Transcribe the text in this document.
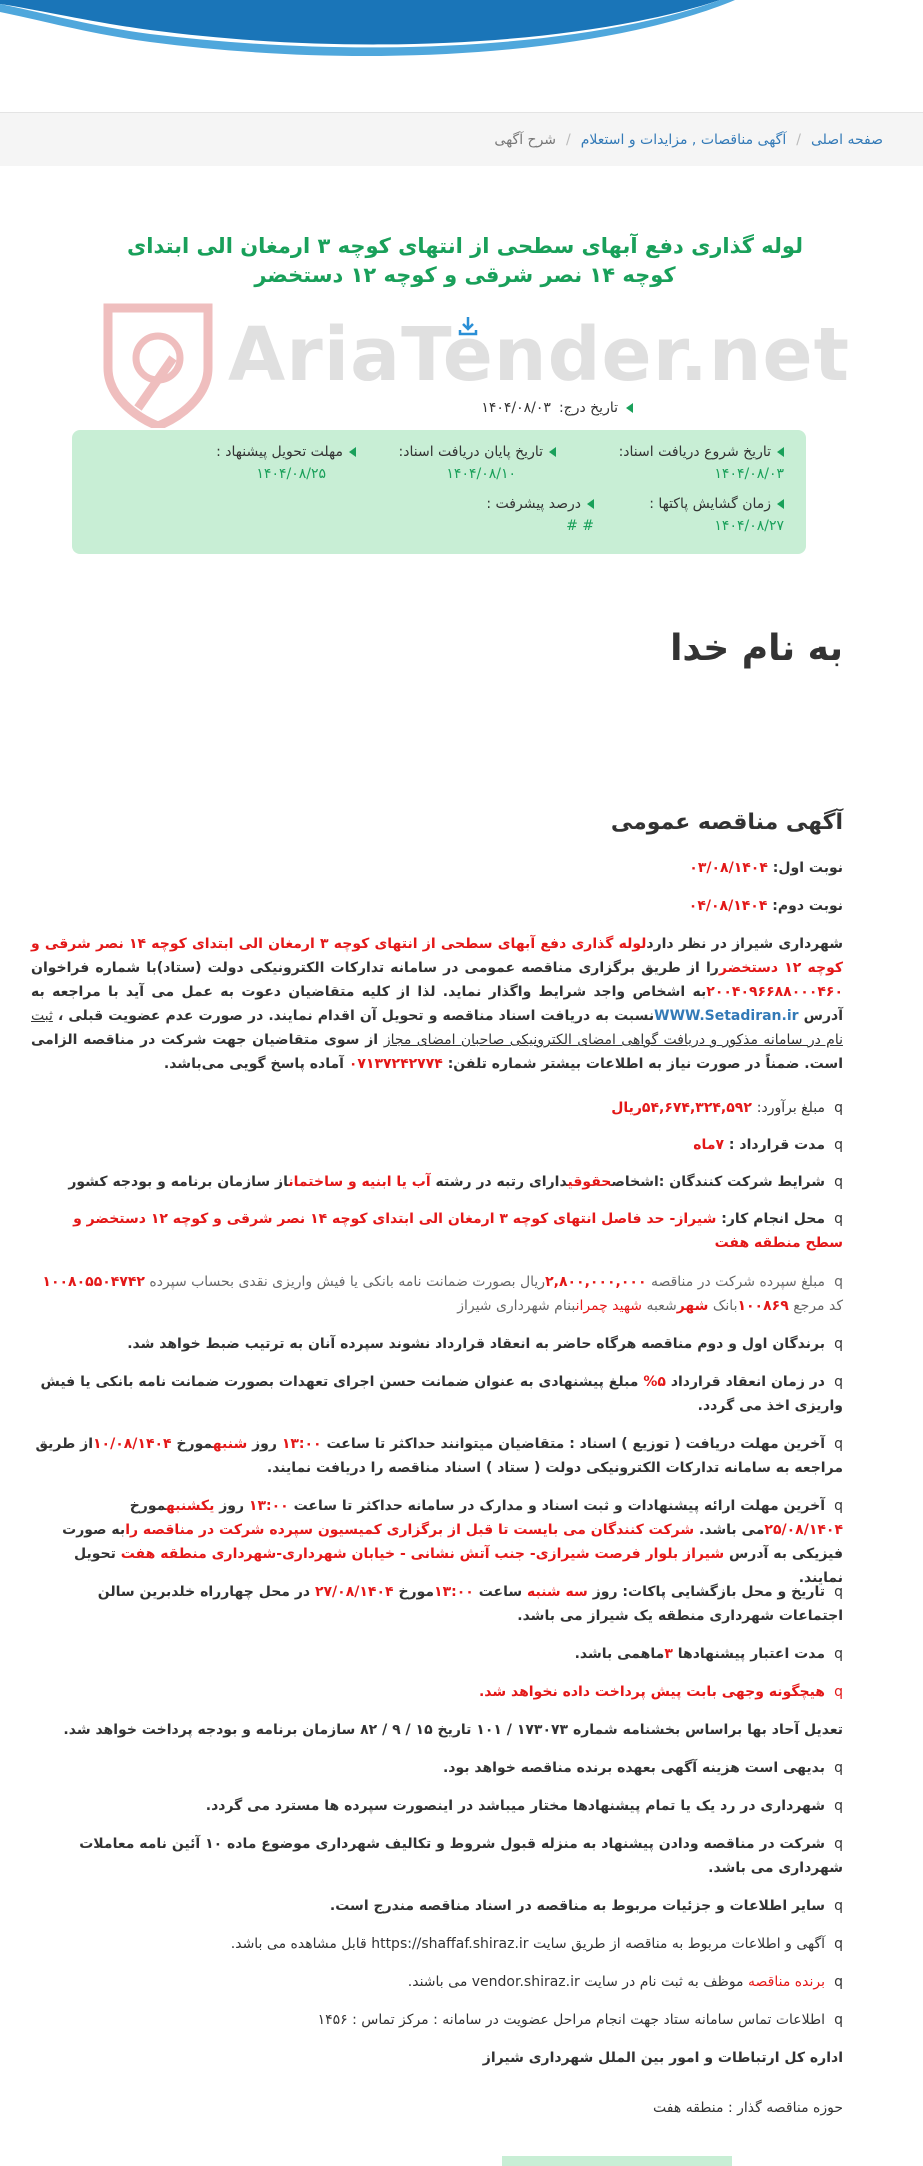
صفحه اصلی
/
آگهی مناقصات , مزایدات و استعلام
/
شرح آگهی
لوله گذاری دفع آبهای سطحی از انتهای کوچه ۳ ارمغان الی ابتدای کوچه ۱۴ نصر شرقی و کوچه ۱۲ دستخضر
AriaTender.net
تاریخ درج:
۱۴۰۴/۰۸/۰۳
تاریخ شروع دریافت اسناد:
۱۴۰۴/۰۸/۰۳
تاریخ پایان دریافت اسناد:
۱۴۰۴/۰۸/۱۰
مهلت تحویل پیشنهاد :
۱۴۰۴/۰۸/۲۵
زمان گشایش پاکتها :
۱۴۰۴/۰۸/۲۷
درصد پیشرفت :
# #
به نام خدا
آگهی مناقصه عمومی
نوبت اول: ۰۳/۰۸/۱۴۰۴
نوبت دوم: ۰۴/۰۸/۱۴۰۴

شهرداری شیراز در نظر داردلوله گذاری دفع آبهای سطحی از انتهای کوچه ۳ ارمغان الی ابتدای کوچه ۱۴ نصر شرقی و کوچه ۱۲ دستخضررا از طریق برگزاری مناقصه عمومی در سامانه تدارکات الکترونیکی دولت (ستاد)با شماره فراخوان ۲۰۰۴۰۹۶۶۸۸۰۰۰۴۶۰به اشخاص واجد شرایط واگذار نماید. لذا از کلیه متقاضیان دعوت به عمل می آید با مراجعه به آدرس WWW.Setadiran.irنسبت به دریافت اسناد مناقصه و تحویل آن اقدام نمایند. در صورت عدم عضویت قبلی ، ثبت نام در سامانه مذکور و دریافت گواهی امضای الکترونیکی صاحبان امضای مجاز از سوی متقاضیان جهت شرکت در مناقصه الزامی است. ضمناً در صورت نیاز به اطلاعات بیشتر شماره تلفن: ۰۷۱۳۷۲۴۲۷۷۴ آماده پاسخ گویی می‌باشد.

qمبلغ برآورد: ۵۴,۶۷۴,۳۲۴,۵۹۲ریال

qمدت قرارداد : ۷ماه

qشرایط شرکت کنندگان :اشخاصحقوقیدارای رتبه در رشته آب یا ابنیه و ساختماناز سازمان برنامه و بودجه کشور

qمحل انجام کار: شیراز- حد فاصل انتهای کوچه ۳ ارمغان الی ابتدای کوچه ۱۴ نصر شرقی و کوچه ۱۲ دستخضر و سطح منطقه هفت

qمبلغ سپرده شرکت در مناقصه ۲,۸۰۰,۰۰۰,۰۰۰ریال بصورت ضمانت نامه بانکی یا فیش واریزی نقدی بحساب سپرده ۱۰۰۸۰۵۵۰۴۷۴۲ کد مرجع ۱۰۰۸۶۹بانک شهرشعبه شهید چمرانبنام شهرداری شیراز

qبرندگان اول و دوم مناقصه هرگاه حاضر به انعقاد قرارداد نشوند سپرده آنان به ترتیب ضبط خواهد شد.

qدر زمان انعقاد قرارداد ۵% مبلغ پیشنهادی به عنوان ضمانت حسن اجرای تعهدات بصورت ضمانت نامه بانکی یا فیش واریزی اخذ می گردد.

qآخرین مهلت دریافت ( توزیع ) اسناد : متقاضیان میتوانند حداکثر تا ساعت ۱۳:۰۰ روز شنبهمورخ ۱۰/۰۸/۱۴۰۴از طریق مراجعه به سامانه تدارکات الکترونیکی دولت ( ستاد ) اسناد مناقصه را دریافت نمایند.

qآخرین مهلت ارائه پیشنهادات و ثبت اسناد و مدارک در سامانه حداکثر تا ساعت ۱۳:۰۰ روز یکشنبهمورخ ۲۵/۰۸/۱۴۰۴می باشد. شرکت کنندگان می بایست تا قبل از برگزاری کمیسیون سپرده شرکت در مناقصه رابه صورت فیزیکی به آدرس شیراز بلوار فرصت شیرازی- جنب آتش نشانی - خیابان شهرداری-شهرداری منطقه هفت تحویل نمایند.

qتاریخ و محل بازگشایی پاکات: روز سه شنبه ساعت ۱۳:۰۰مورخ ۲۷/۰۸/۱۴۰۴ در محل چهارراه خلدبرین سالن اجتماعات شهرداری منطقه یک شیراز می باشد.

qمدت اعتبار پیشنهادها ۳ماهمی باشد.

qهیچگونه وجهی بابت پیش پرداخت داده نخواهد شد.

تعدیل آحاد بها براساس بخشنامه شماره ۱۷۳۰۷۳ / ۱۰۱ تاریخ ۱۵ / ۹ / ۸۲ سازمان برنامه و بودجه پرداخت خواهد شد.

qبدیهی است هزینه آگهی بعهده برنده مناقصه خواهد بود.

qشهرداری در رد یک یا تمام پیشنهادها مختار میباشد در اینصورت سپرده ها مسترد می گردد.

qشرکت در مناقصه ودادن پیشنهاد به منزله قبول شروط و تکالیف شهرداری موضوع ماده ۱۰ آئین نامه معاملات شهرداری می باشد.

qسایر اطلاعات و جزئیات مربوط به مناقصه در اسناد مناقصه مندرج است.

qآگهی و اطلاعات مربوط به مناقصه از طریق سایت https://shaffaf.shiraz.ir قابل مشاهده می باشد.

qبرنده مناقصه موظف به ثبت نام در سایت vendor.shiraz.ir می باشند.

qاطلاعات تماس سامانه ستاد جهت انجام مراحل عضویت در سامانه : مرکز تماس : ۱۴۵۶

اداره کل ارتباطات و امور بین الملل شهرداری شیراز

حوزه مناقصه گذار : منطقه هفت
